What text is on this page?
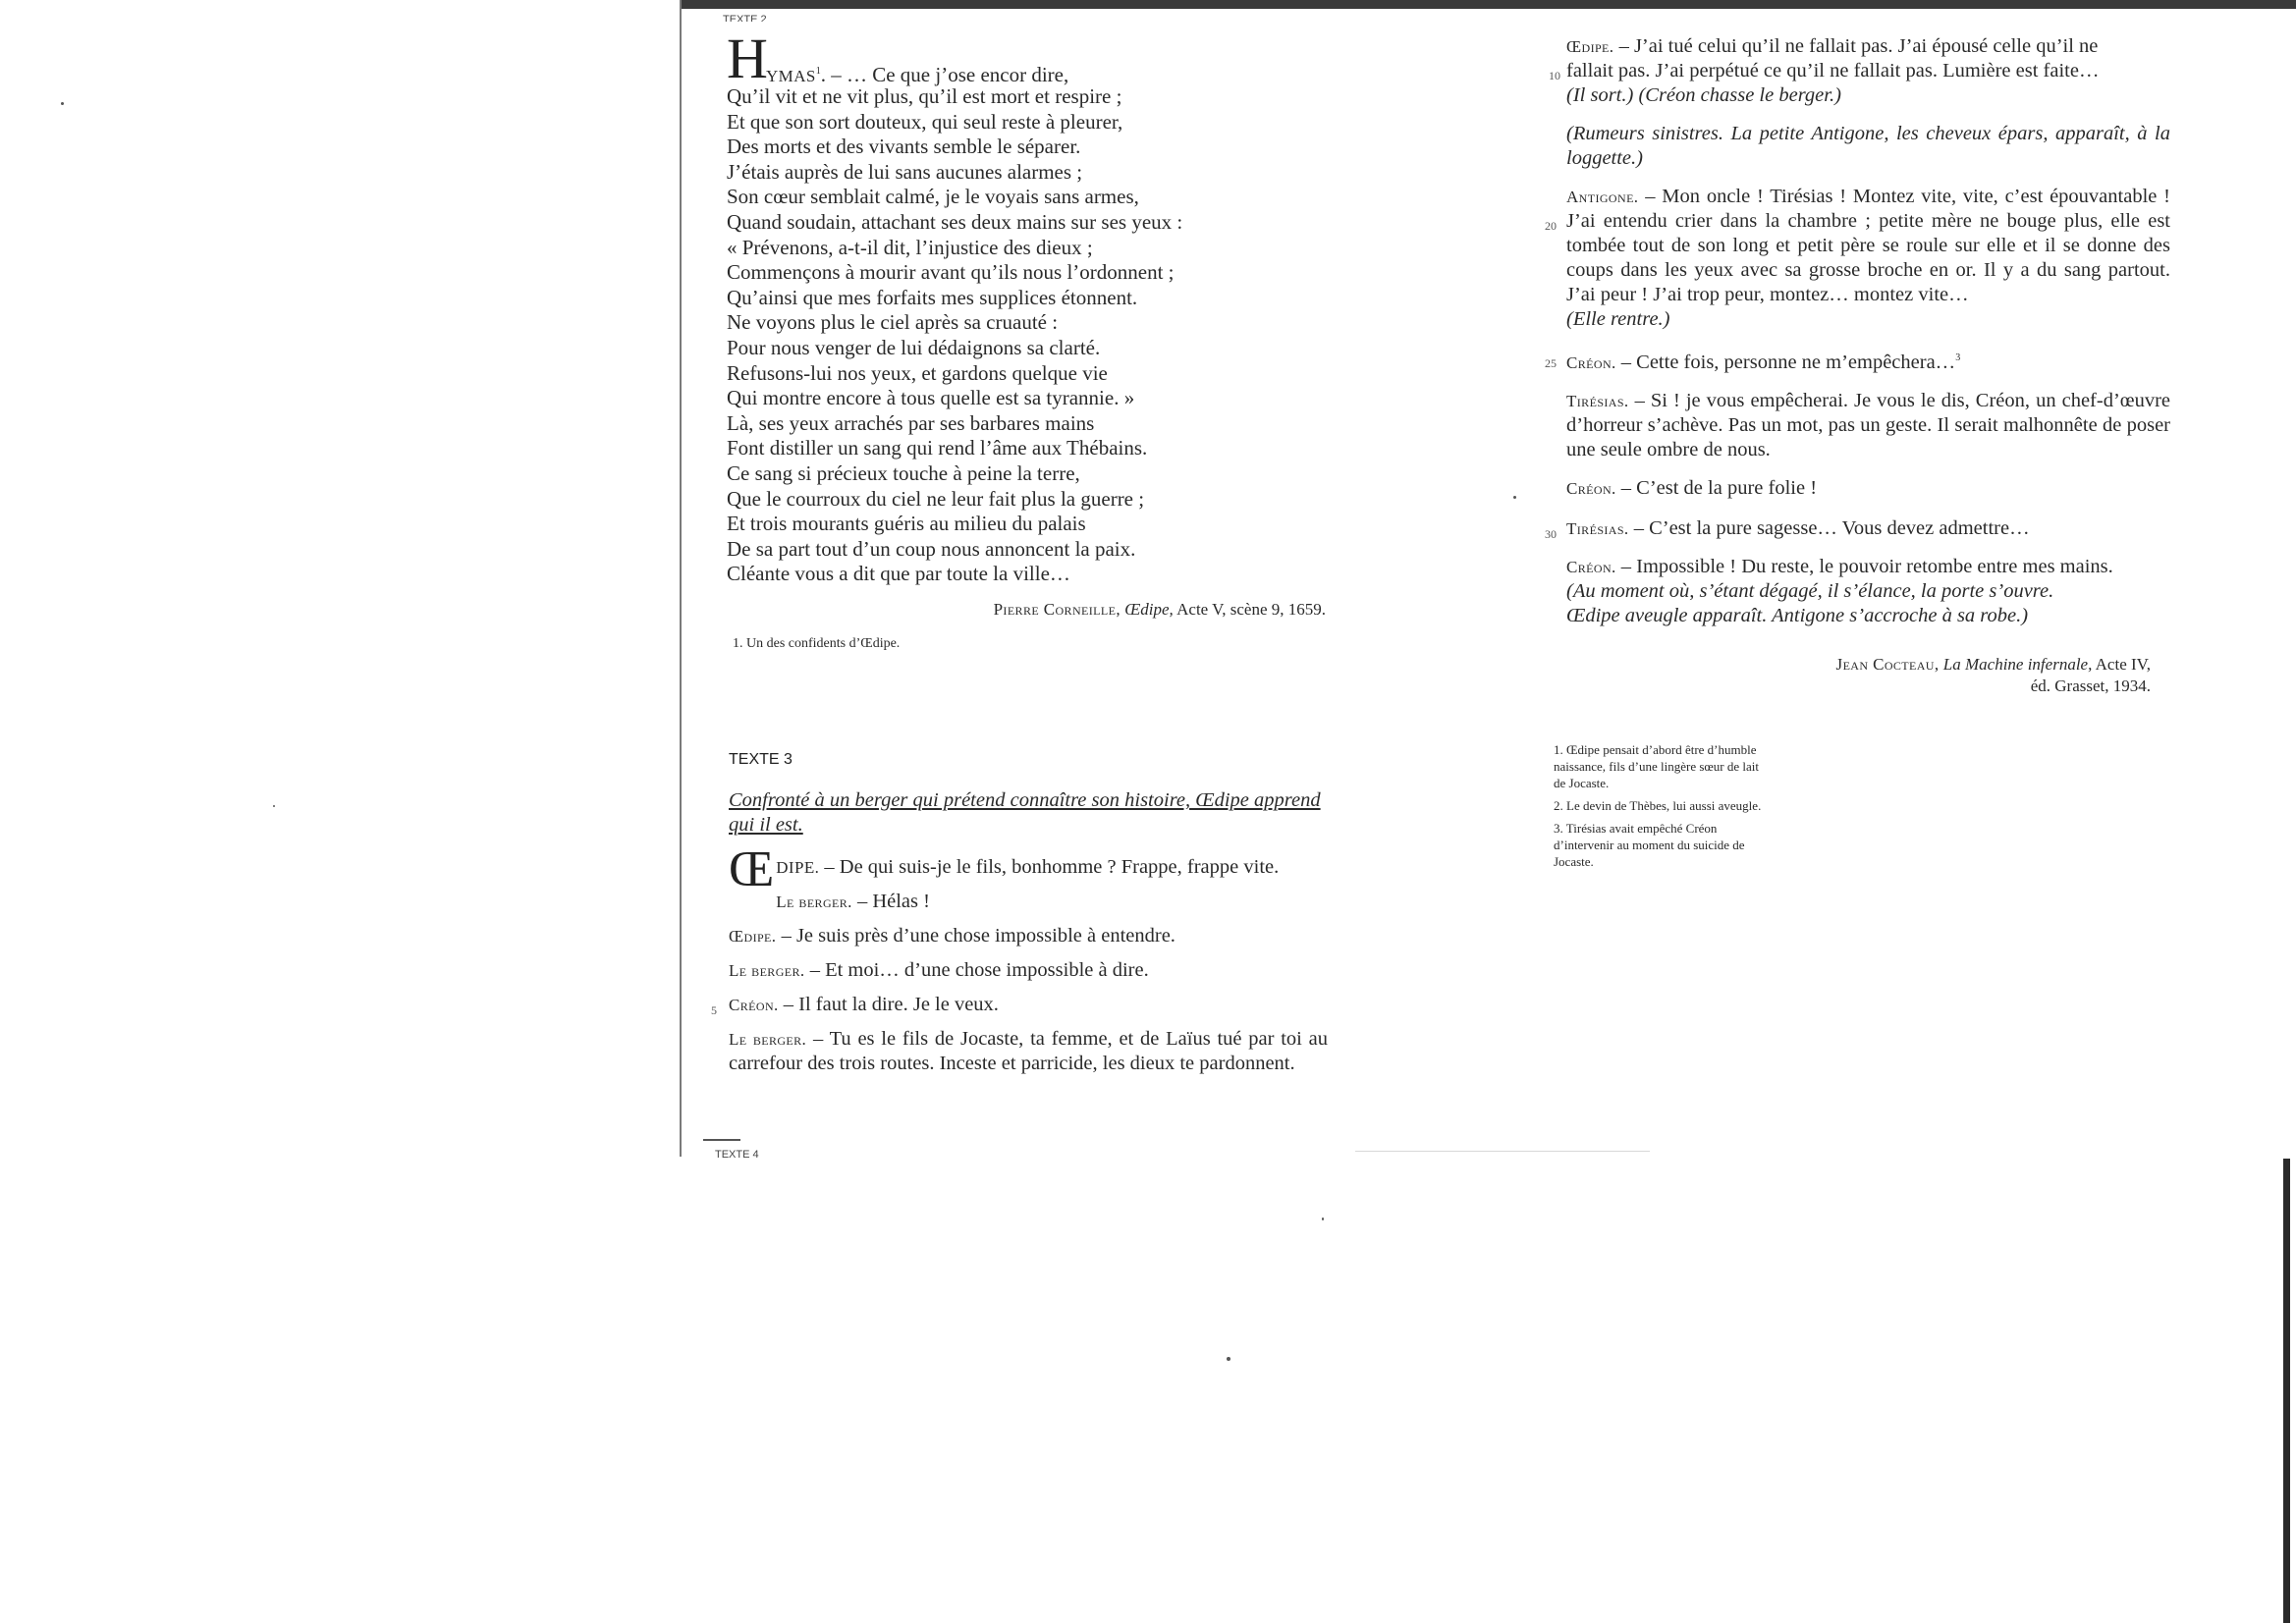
TEXTE 2
TEXTE 4
H
YMAS$^1$. – … Ce que j’ose encor dire,
Qu’il vit et ne vit plus, qu’il est mort et respire ;
Et que son sort douteux, qui seul reste à pleurer,
Des morts et des vivants semble le séparer.
J’étais auprès de lui sans aucunes alarmes ;
Son cœur semblait calmé, je le voyais sans armes,
Quand soudain, attachant ses deux mains sur ses yeux :
« Prévenons, a-t-il dit, l’injustice des dieux ;
Commençons à mourir avant qu’ils nous l’ordonnent ;
Qu’ainsi que mes forfaits mes supplices étonnent.
Ne voyons plus le ciel après sa cruauté :
Pour nous venger de lui dédaignons sa clarté.
Refusons-lui nos yeux, et gardons quelque vie
Qui montre encore à tous quelle est sa tyrannie. »
Là, ses yeux arrachés par ses barbares mains
Font distiller un sang qui rend l’âme aux Thébains.
Ce sang si précieux touche à peine la terre,
Que le courroux du ciel ne leur fait plus la guerre ;
Et trois mourants guéris au milieu du palais
De sa part tout d’un coup nous annoncent la paix.
Cléante vous a dit que par toute la ville…
Pierre Corneille, Œdipe, Acte V, scène 9, 1659.
1. Un des confidents d’Œdipe.
TEXTE 3
Confronté à un berger qui prétend connaître son histoire, Œdipe apprend qui il est.
ŒDIPE. – De qui suis-je le fils, bonhomme ? Frappe, frappe vite.
Le berger. – Hélas !
Œdipe. – Je suis près d’une chose impossible à entendre.
Le berger. – Et moi… d’une chose impossible à dire.
Créon. – Il faut la dire. Je le veux.
5
Le berger. – Tu es le fils de Jocaste, ta femme, et de Laïus tué par toi au carrefour des trois routes. Inceste et parricide, les dieux te pardonnent.
Œdipe. – J’ai tué celui qu’il ne fallait pas. J’ai épousé celle qu’il ne
fallait pas. J’ai perpétué ce qu’il ne fallait pas. Lumière est faite…
(Il sort.) (Créon chasse le berger.)
10
(Rumeurs sinistres. La petite Antigone, les cheveux épars, apparaît, à la loggette.)
Antigone. – Mon oncle ! Tirésias ! Montez vite, vite, c’est épouvantable ! J’ai entendu crier dans la chambre ; petite mère ne bouge plus, elle est tombée tout de son long et petit père se roule sur elle et il se donne des coups dans les yeux avec sa grosse broche en or. Il y a du sang partout. J’ai peur ! J’ai trop peur, montez… montez vite…
(Elle rentre.)
20
Créon. – Cette fois, personne ne m’empêchera…$^3$
25
Tirésias. – Si ! je vous empêcherai. Je vous le dis, Créon, un chef-d’œuvre d’horreur s’achève. Pas un mot, pas un geste. Il serait malhonnête de poser une seule ombre de nous.
Créon. – C’est de la pure folie !
Tirésias. – C’est la pure sagesse… Vous devez admettre…
30
Créon. – Impossible ! Du reste, le pouvoir retombe entre mes mains.
(Au moment où, s’étant dégagé, il s’élance, la porte s’ouvre.
Œdipe aveugle apparaît. Antigone s’accroche à sa robe.)
Jean Cocteau, La Machine infernale, Acte IV,
éd. Grasset, 1934.
1. Œdipe pensait d’abord être d’humble naissance, fils d’une lingère sœur de lait de Jocaste.
2. Le devin de Thèbes, lui aussi aveugle.
3. Tirésias avait empêché Créon d’intervenir au moment du suicide de Jocaste.
